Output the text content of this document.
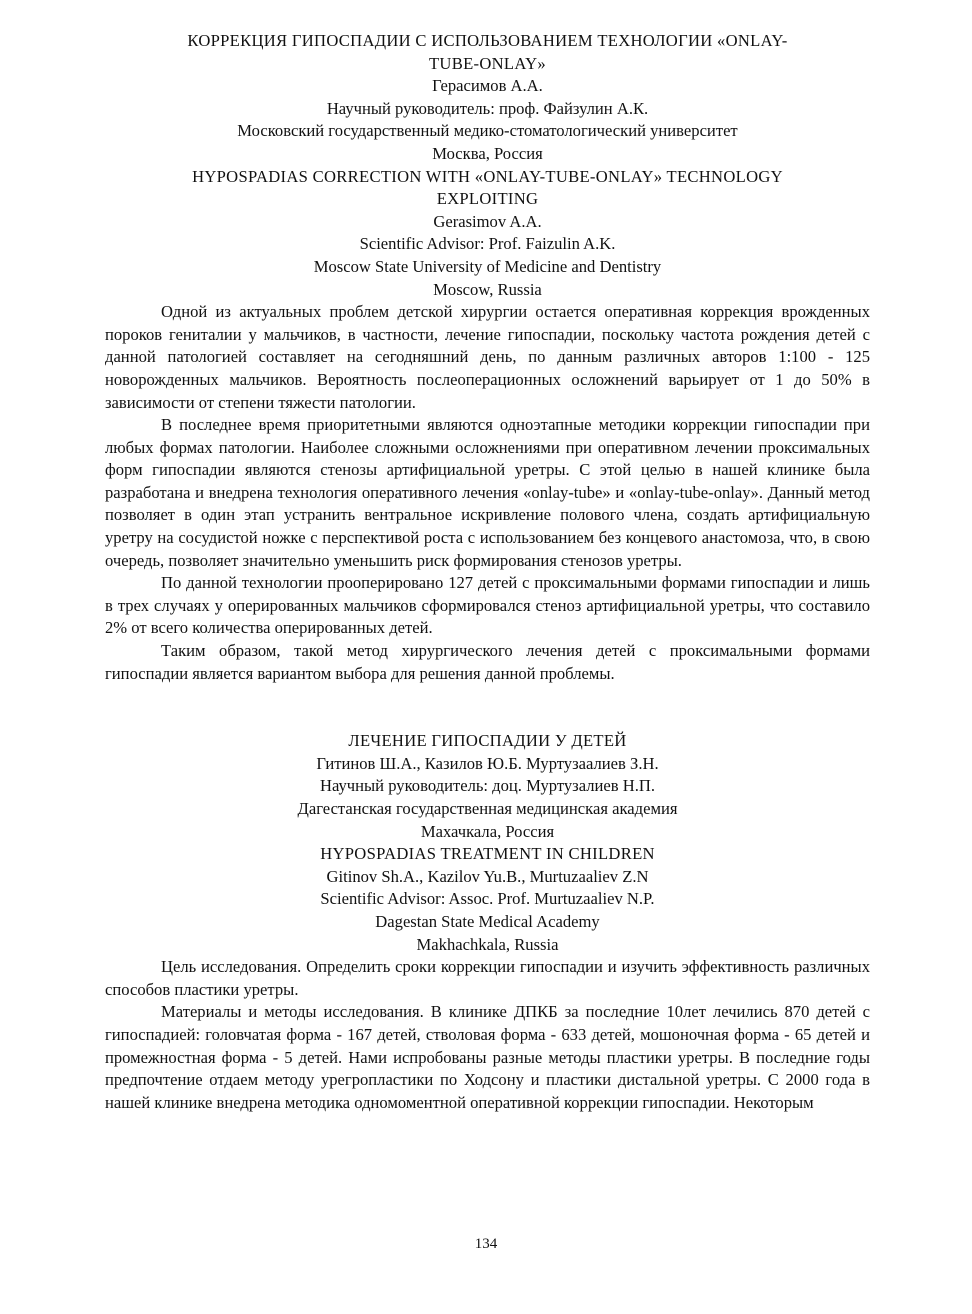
КОРРЕКЦИЯ ГИПОСПАДИИ С ИСПОЛЬЗОВАНИЕМ ТЕХНОЛОГИИ «ONLAY-

TUBE-ONLAY»

Герасимов А.А.

Научный руководитель: проф. Файзулин А.К.

Московский государственный медико-стоматологический университет

Москва, Россия

HYPOSPADIAS CORRECTION WITH «ONLAY-TUBE-ONLAY» TECHNOLOGY

EXPLOITING

Gerasimov A.A.

Scientific Advisor: Prof. Faizulin A.K.

Moscow State University of Medicine and Dentistry

Moscow, Russia

Одной из актуальных проблем детской хирургии остается оперативная коррекция врожденных пороков гениталии у мальчиков, в частности, лечение гипоспадии, поскольку частота рождения детей с данной патологией составляет на сегодняшний день, по данным различных авторов 1:100 - 125 новорожденных мальчиков. Вероятность послеоперационных осложнений варьирует от 1 до 50% в зависимости от степени тяжести патологии.

В последнее время приоритетными являются одноэтапные методики коррекции гипоспадии при любых формах патологии. Наиболее сложными осложнениями при оперативном лечении проксимальных форм гипоспадии являются стенозы артифициальной уретры. С этой целью в нашей клинике была разработана и внедрена технология оперативного лечения «onlay-tube» и «onlay-tube-onlay». Данный метод позволяет в один этап устранить вентральное искривление полового члена, создать артифициальную уретру на сосудистой ножке с перспективой роста с использованием без концевого анастомоза, что, в свою очередь, позволяет значительно уменьшить риск формирования стенозов уретры.

По данной технологии прооперировано 127 детей с проксимальными формами гипоспадии и лишь в трех случаях у оперированных мальчиков сформировался стеноз артифициальной уретры, что составило 2% от всего количества оперированных детей.

Таким образом, такой метод хирургического лечения детей с проксимальными формами гипоспадии является вариантом выбора для решения данной проблемы.

ЛЕЧЕНИЕ ГИПОСПАДИИ У ДЕТЕЙ

Гитинов Ш.А., Казилов Ю.Б. Муртузаалиев З.Н.

Научный руководитель: доц. Муртузалиев Н.П.

Дагестанская государственная медицинская академия

Махачкала, Россия

HYPOSPADIAS TREATMENT IN CHILDREN

Gitinov Sh.A., Kazilov Yu.B., Murtuzaaliev Z.N

Scientific Advisor: Assoc. Prof. Murtuzaaliev N.P.

Dagestan State Medical Academy

Makhachkala, Russia

Цель исследования. Определить сроки коррекции гипоспадии и изучить эффективность различных способов пластики уретры.

Материалы и методы исследования. В клинике ДПКБ за последние 10лет лечились 870 детей с гипоспадией: головчатая форма - 167 детей, стволовая форма - 633 детей, мошоночная форма - 65 детей и промежностная форма - 5 детей. Нами испробованы разные методы пластики уретры. В последние годы предпочтение отдаем методу урегропластики по Ходсону и пластики дистальной уретры. С 2000 года в нашей клинике внедрена методика одномоментной оперативной коррекции гипоспадии. Некоторым

134
